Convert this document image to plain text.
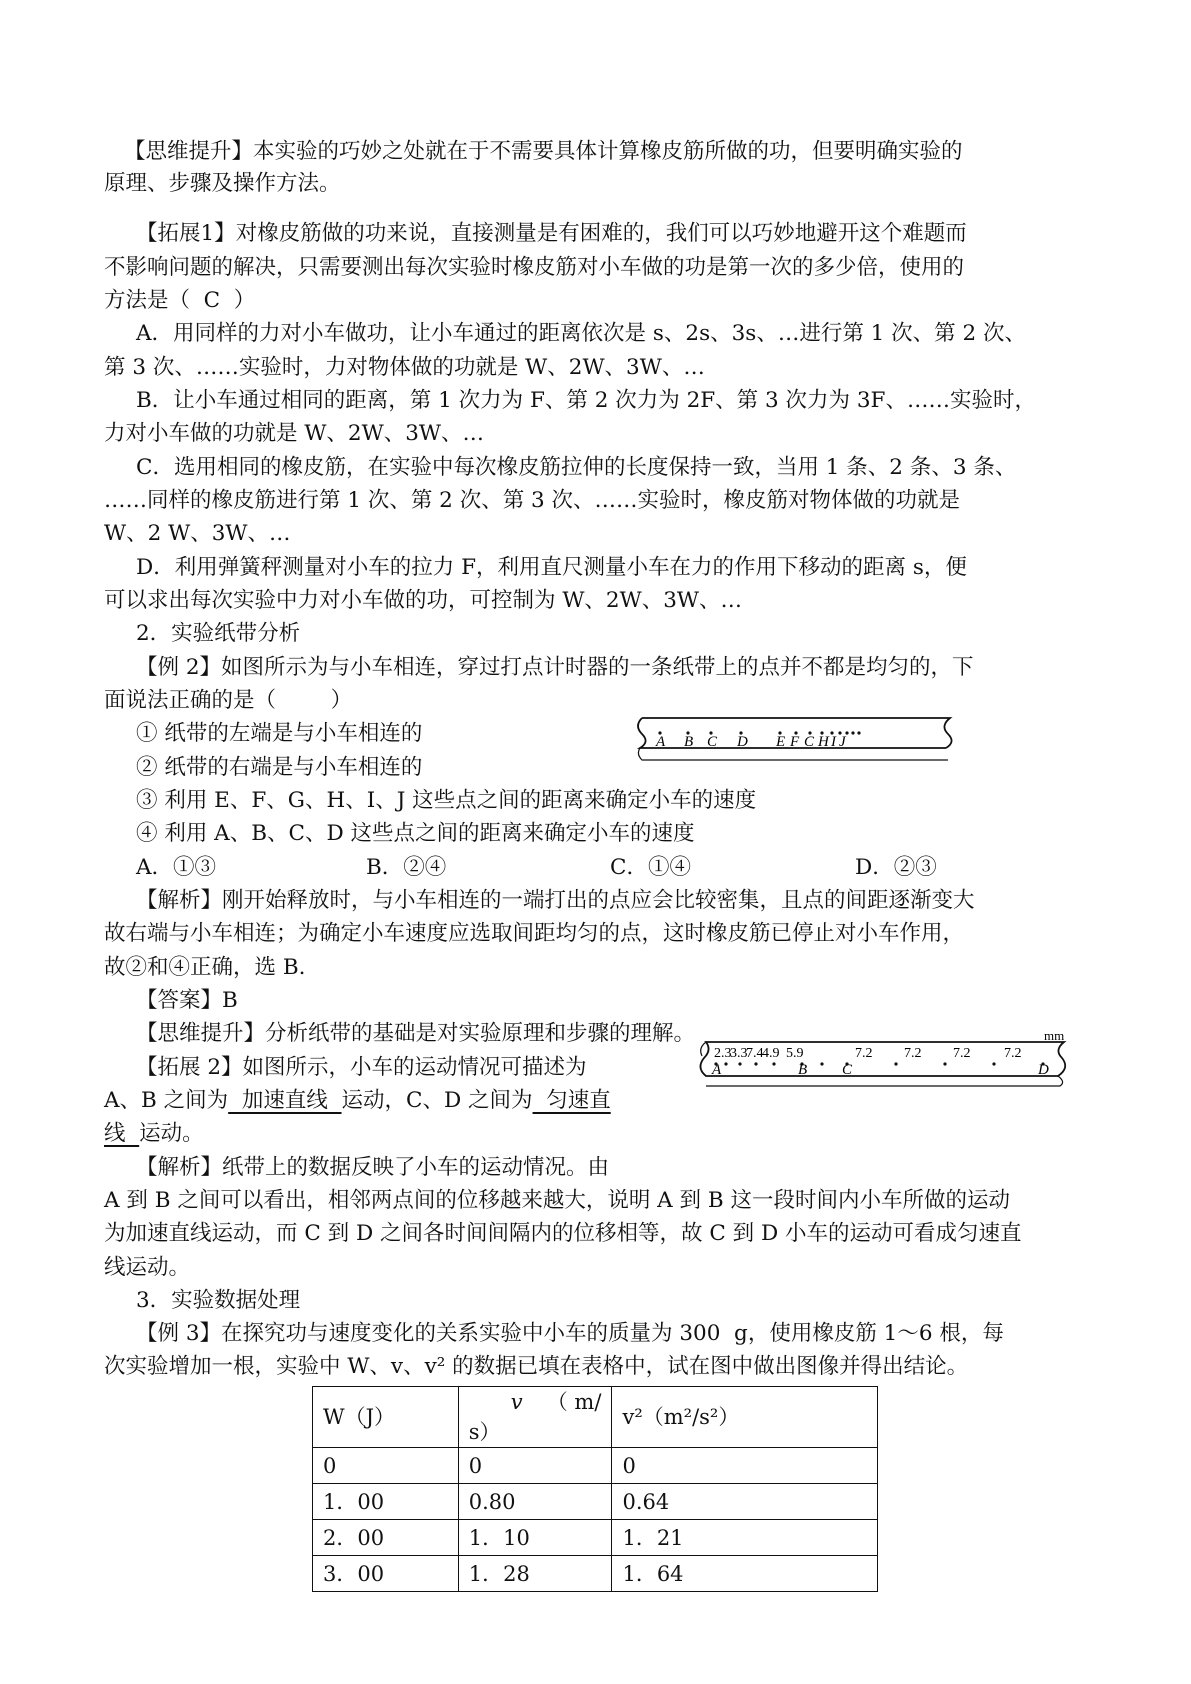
【思维提升】本实验的巧妙之处就在于不需要具体计算橡皮筋所做的功，但要明确实验的
原理、步骤及操作方法。
【拓展1】对橡皮筋做的功来说，直接测量是有困难的，我们可以巧妙地避开这个难题而
不影响问题的解决，只需要测出每次实验时橡皮筋对小车做的功是第一次的多少倍，使用的
方法是（  C  ）
A．用同样的力对小车做功，让小车通过的距离依次是 s、2s、3s、…进行第 1 次、第 2 次、
第 3 次、……实验时，力对物体做的功就是 W、2W、3W、…
B．让小车通过相同的距离，第 1 次力为 F、第 2 次力为 2F、第 3 次力为 3F、……实验时，
力对小车做的功就是 W、2W、3W、…
C．选用相同的橡皮筋，在实验中每次橡皮筋拉伸的长度保持一致，当用 1 条、2 条、3 条、
……同样的橡皮筋进行第 1 次、第 2 次、第 3 次、……实验时，橡皮筋对物体做的功就是
W、2 W、3W、…
D．利用弹簧秤测量对小车的拉力 F，利用直尺测量小车在力的作用下移动的距离 s，便
可以求出每次实验中力对小车做的功，可控制为 W、2W、3W、…
2．实验纸带分析
【例 2】如图所示为与小车相连，穿过打点计时器的一条纸带上的点并不都是均匀的，下
面说法正确的是（        ）
① 纸带的左端是与小车相连的
② 纸带的右端是与小车相连的
③ 利用 E、F、G、H、I、J 这些点之间的距离来确定小车的速度
④ 利用 A、B、C、D 这些点之间的距离来确定小车的速度
A．①③	B．②④	C．①④	D．②③
A B C D E F C H I J
【解析】刚开始释放时，与小车相连的一端打出的点应会比较密集，且点的间距逐渐变大
故右端与小车相连；为确定小车速度应选取间距均匀的点，这时橡皮筋已停止对小车作用，
故②和④正确，选 B.
【答案】B
【思维提升】分析纸带的基础是对实验原理和步骤的理解。
【拓展 2】如图所示，小车的运动情况可描述为
A、B 之间为  加速直线  运动，C、D 之间为  匀速直
线  运动。
mm
2.3
3.3
7.4
4.9 5.9	7.2 7.2 7.2 7.2
A	B C	D
【解析】纸带上的数据反映了小车的运动情况。由
A 到 B 之间可以看出，相邻两点间的位移越来越大，说明 A 到 B 这一段时间内小车所做的运动
为加速直线运动，而 C 到 D 之间各时间间隔内的位移相等，故 C 到 D 小车的运动可看成匀速直
线运动。
3．实验数据处理
【例 3】在探究功与速度变化的关系实验中小车的质量为 300  g，使用橡皮筋 1～6 根，每
次实验增加一根，实验中 W、v、v² 的数据已填在表格中，试在图中做出图像并得出结论。
W（J）	v （ m/
s）	v²（m²/s²）
0	0	0
1．00	0.80	0.64
2．00	1．10	1．21
3．00	1．28	1．64
